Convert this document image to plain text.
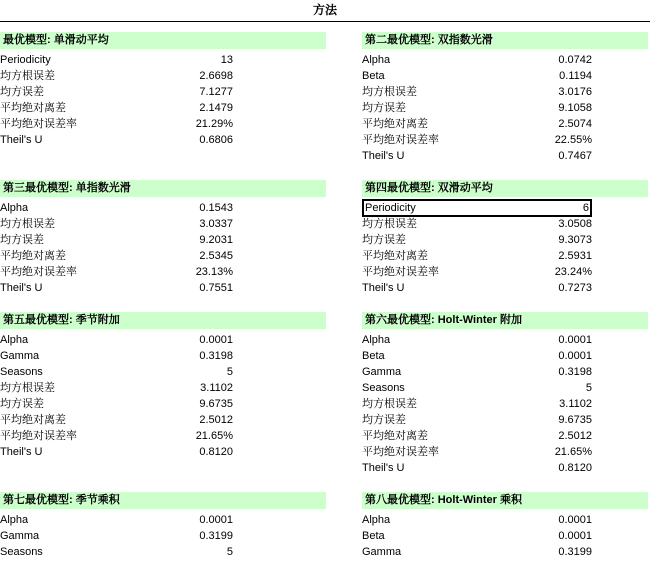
方法
最优模型: 单滑动平均
Periodicity	13
均方根误差	2.6698
均方误差	7.1277
平均绝对离差	2.1479
平均绝对误差率	21.29%
Theil's U	0.6806
第二最优模型: 双指数光滑
Alpha	0.0742
Beta	0.1194
均方根误差	3.0176
均方误差	9.1058
平均绝对离差	2.5074
平均绝对误差率	22.55%
Theil's U	0.7467
第三最优模型: 单指数光滑
Alpha	0.1543
均方根误差	3.0337
均方误差	9.2031
平均绝对离差	2.5345
平均绝对误差率	23.13%
Theil's U	0.7551
第四最优模型: 双滑动平均
Periodicity	6
均方根误差	3.0508
均方误差	9.3073
平均绝对离差	2.5931
平均绝对误差率	23.24%
Theil's U	0.7273
第五最优模型: 季节附加
Alpha	0.0001
Gamma	0.3198
Seasons	5
均方根误差	3.1102
均方误差	9.6735
平均绝对离差	2.5012
平均绝对误差率	21.65%
Theil's U	0.8120
第六最优模型: Holt-Winter 附加
Alpha	0.0001
Beta	0.0001
Gamma	0.3198
Seasons	5
均方根误差	3.1102
均方误差	9.6735
平均绝对离差	2.5012
平均绝对误差率	21.65%
Theil's U	0.8120
第七最优模型: 季节乘积
Alpha	0.0001
Gamma	0.3199
Seasons	5
第八最优模型: Holt-Winter 乘积
Alpha	0.0001
Beta	0.0001
Gamma	0.3199
